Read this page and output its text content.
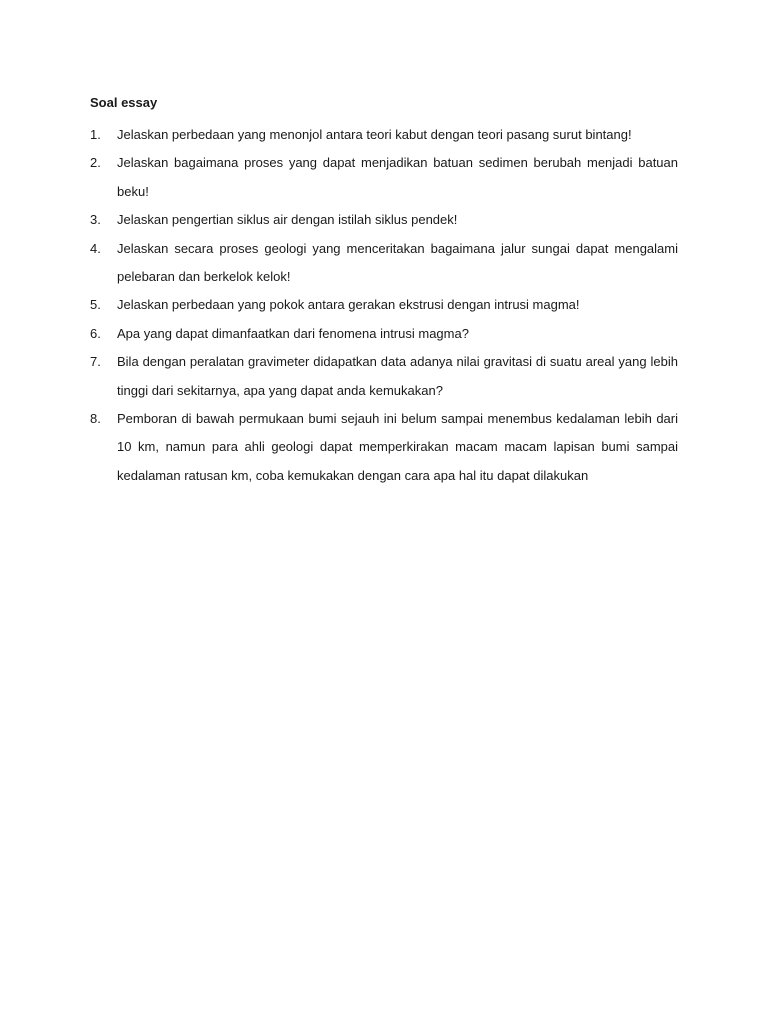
Soal essay
1.	Jelaskan perbedaan yang menonjol antara teori kabut dengan teori pasang surut bintang!
2.	Jelaskan bagaimana proses yang dapat menjadikan batuan sedimen berubah menjadi batuan beku!
3.	Jelaskan pengertian siklus air dengan istilah siklus pendek!
4.	Jelaskan secara proses geologi yang menceritakan bagaimana jalur sungai dapat mengalami pelebaran dan berkelok kelok!
5.	Jelaskan perbedaan yang pokok antara gerakan ekstrusi dengan intrusi magma!
6.	Apa yang dapat dimanfaatkan dari fenomena intrusi magma?
7.	Bila dengan peralatan gravimeter didapatkan data adanya nilai gravitasi di suatu areal yang lebih tinggi dari sekitarnya, apa yang dapat anda kemukakan?
8.	Pemboran di bawah permukaan bumi sejauh ini belum sampai menembus kedalaman lebih dari 10 km, namun para ahli geologi dapat memperkirakan macam macam lapisan bumi sampai kedalaman ratusan km, coba kemukakan dengan cara apa hal itu dapat dilakukan
